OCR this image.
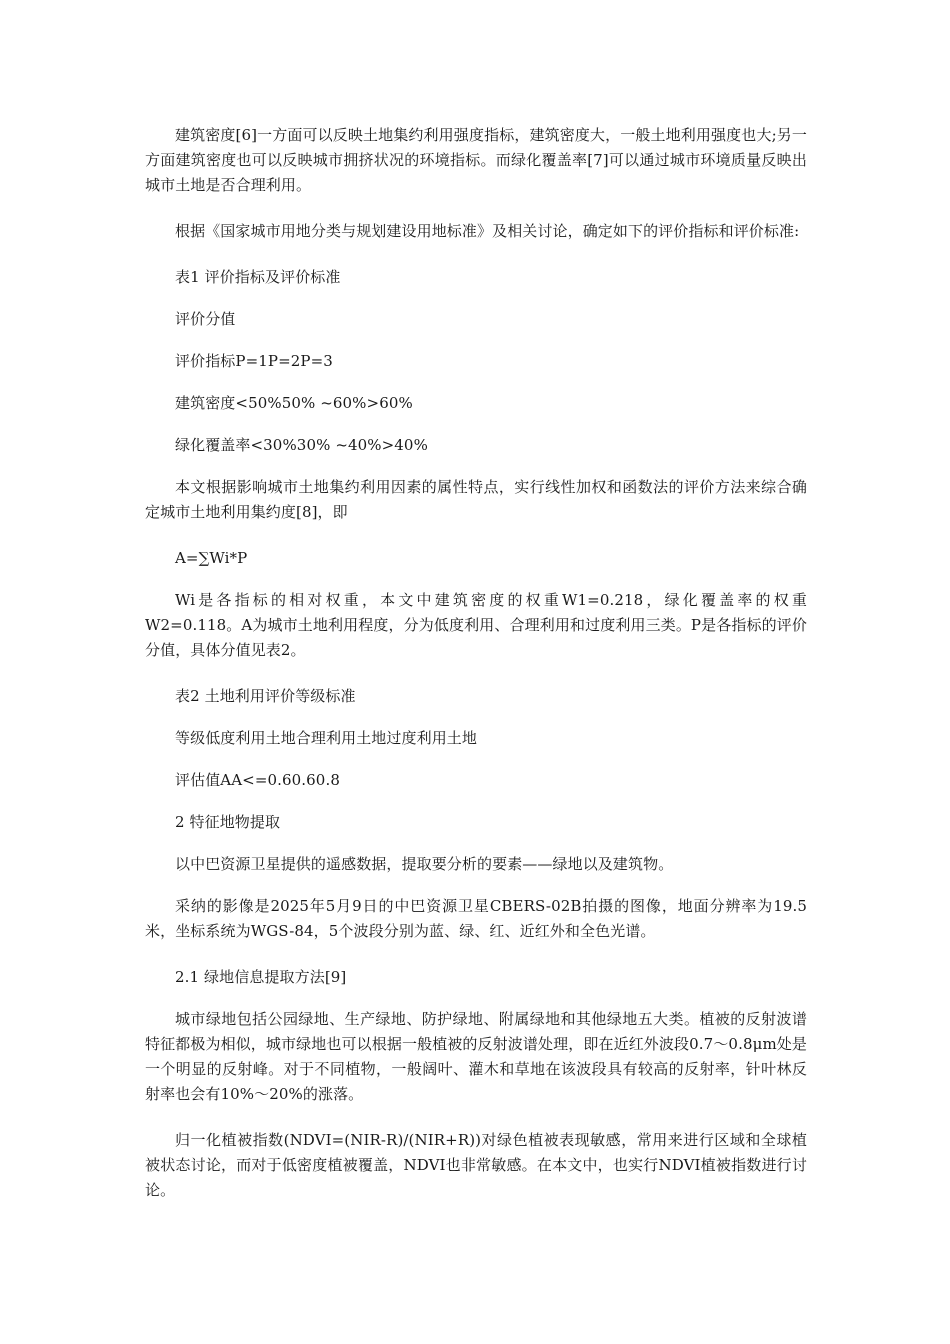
建筑密度[6]一方面可以反映土地集约利用强度指标，建筑密度大，一般土地利用强度也大;另一方面建筑密度也可以反映城市拥挤状况的环境指标。而绿化覆盖率[7]可以通过城市环境质量反映出城市土地是否合理利用。

根据《国家城市用地分类与规划建设用地标准》及相关讨论，确定如下的评价指标和评价标准:

表1 评价指标及评价标准

评价分值

评价指标P=1P=2P=3

建筑密度<50%50% ~60%>60%

绿化覆盖率<30%30% ~40%>40%

本文根据影响城市土地集约利用因素的属性特点，实行线性加权和函数法的评价方法来综合确定城市土地利用集约度[8]，即

A=∑Wi*P

Wi是各指标的相对权重，本文中建筑密度的权重W1=0.218，绿化覆盖率的权重W2=0.118。A为城市土地利用程度，分为低度利用、合理利用和过度利用三类。P是各指标的评价分值，具体分值见表2。

表2 土地利用评价等级标准

等级低度利用土地合理利用土地过度利用土地

评估值AA<=0.60.60.8

2 特征地物提取

以中巴资源卫星提供的遥感数据，提取要分析的要素——绿地以及建筑物。

采纳的影像是2025年5月9日的中巴资源卫星CBERS-02B拍摄的图像，地面分辨率为19.5米，坐标系统为WGS-84，5个波段分别为蓝、绿、红、近红外和全色光谱。

2.1 绿地信息提取方法[9]

城市绿地包括公园绿地、生产绿地、防护绿地、附属绿地和其他绿地五大类。植被的反射波谱特征都极为相似，城市绿地也可以根据一般植被的反射波谱处理，即在近红外波段0.7～0.8μm处是一个明显的反射峰。对于不同植物，一般阔叶、灌木和草地在该波段具有较高的反射率，针叶林反射率也会有10%～20%的涨落。

归一化植被指数(NDVI=(NIR-R)/(NIR+R))对绿色植被表现敏感，常用来进行区域和全球植被状态讨论，而对于低密度植被覆盖，NDVI也非常敏感。在本文中，也实行NDVI植被指数进行讨论。
